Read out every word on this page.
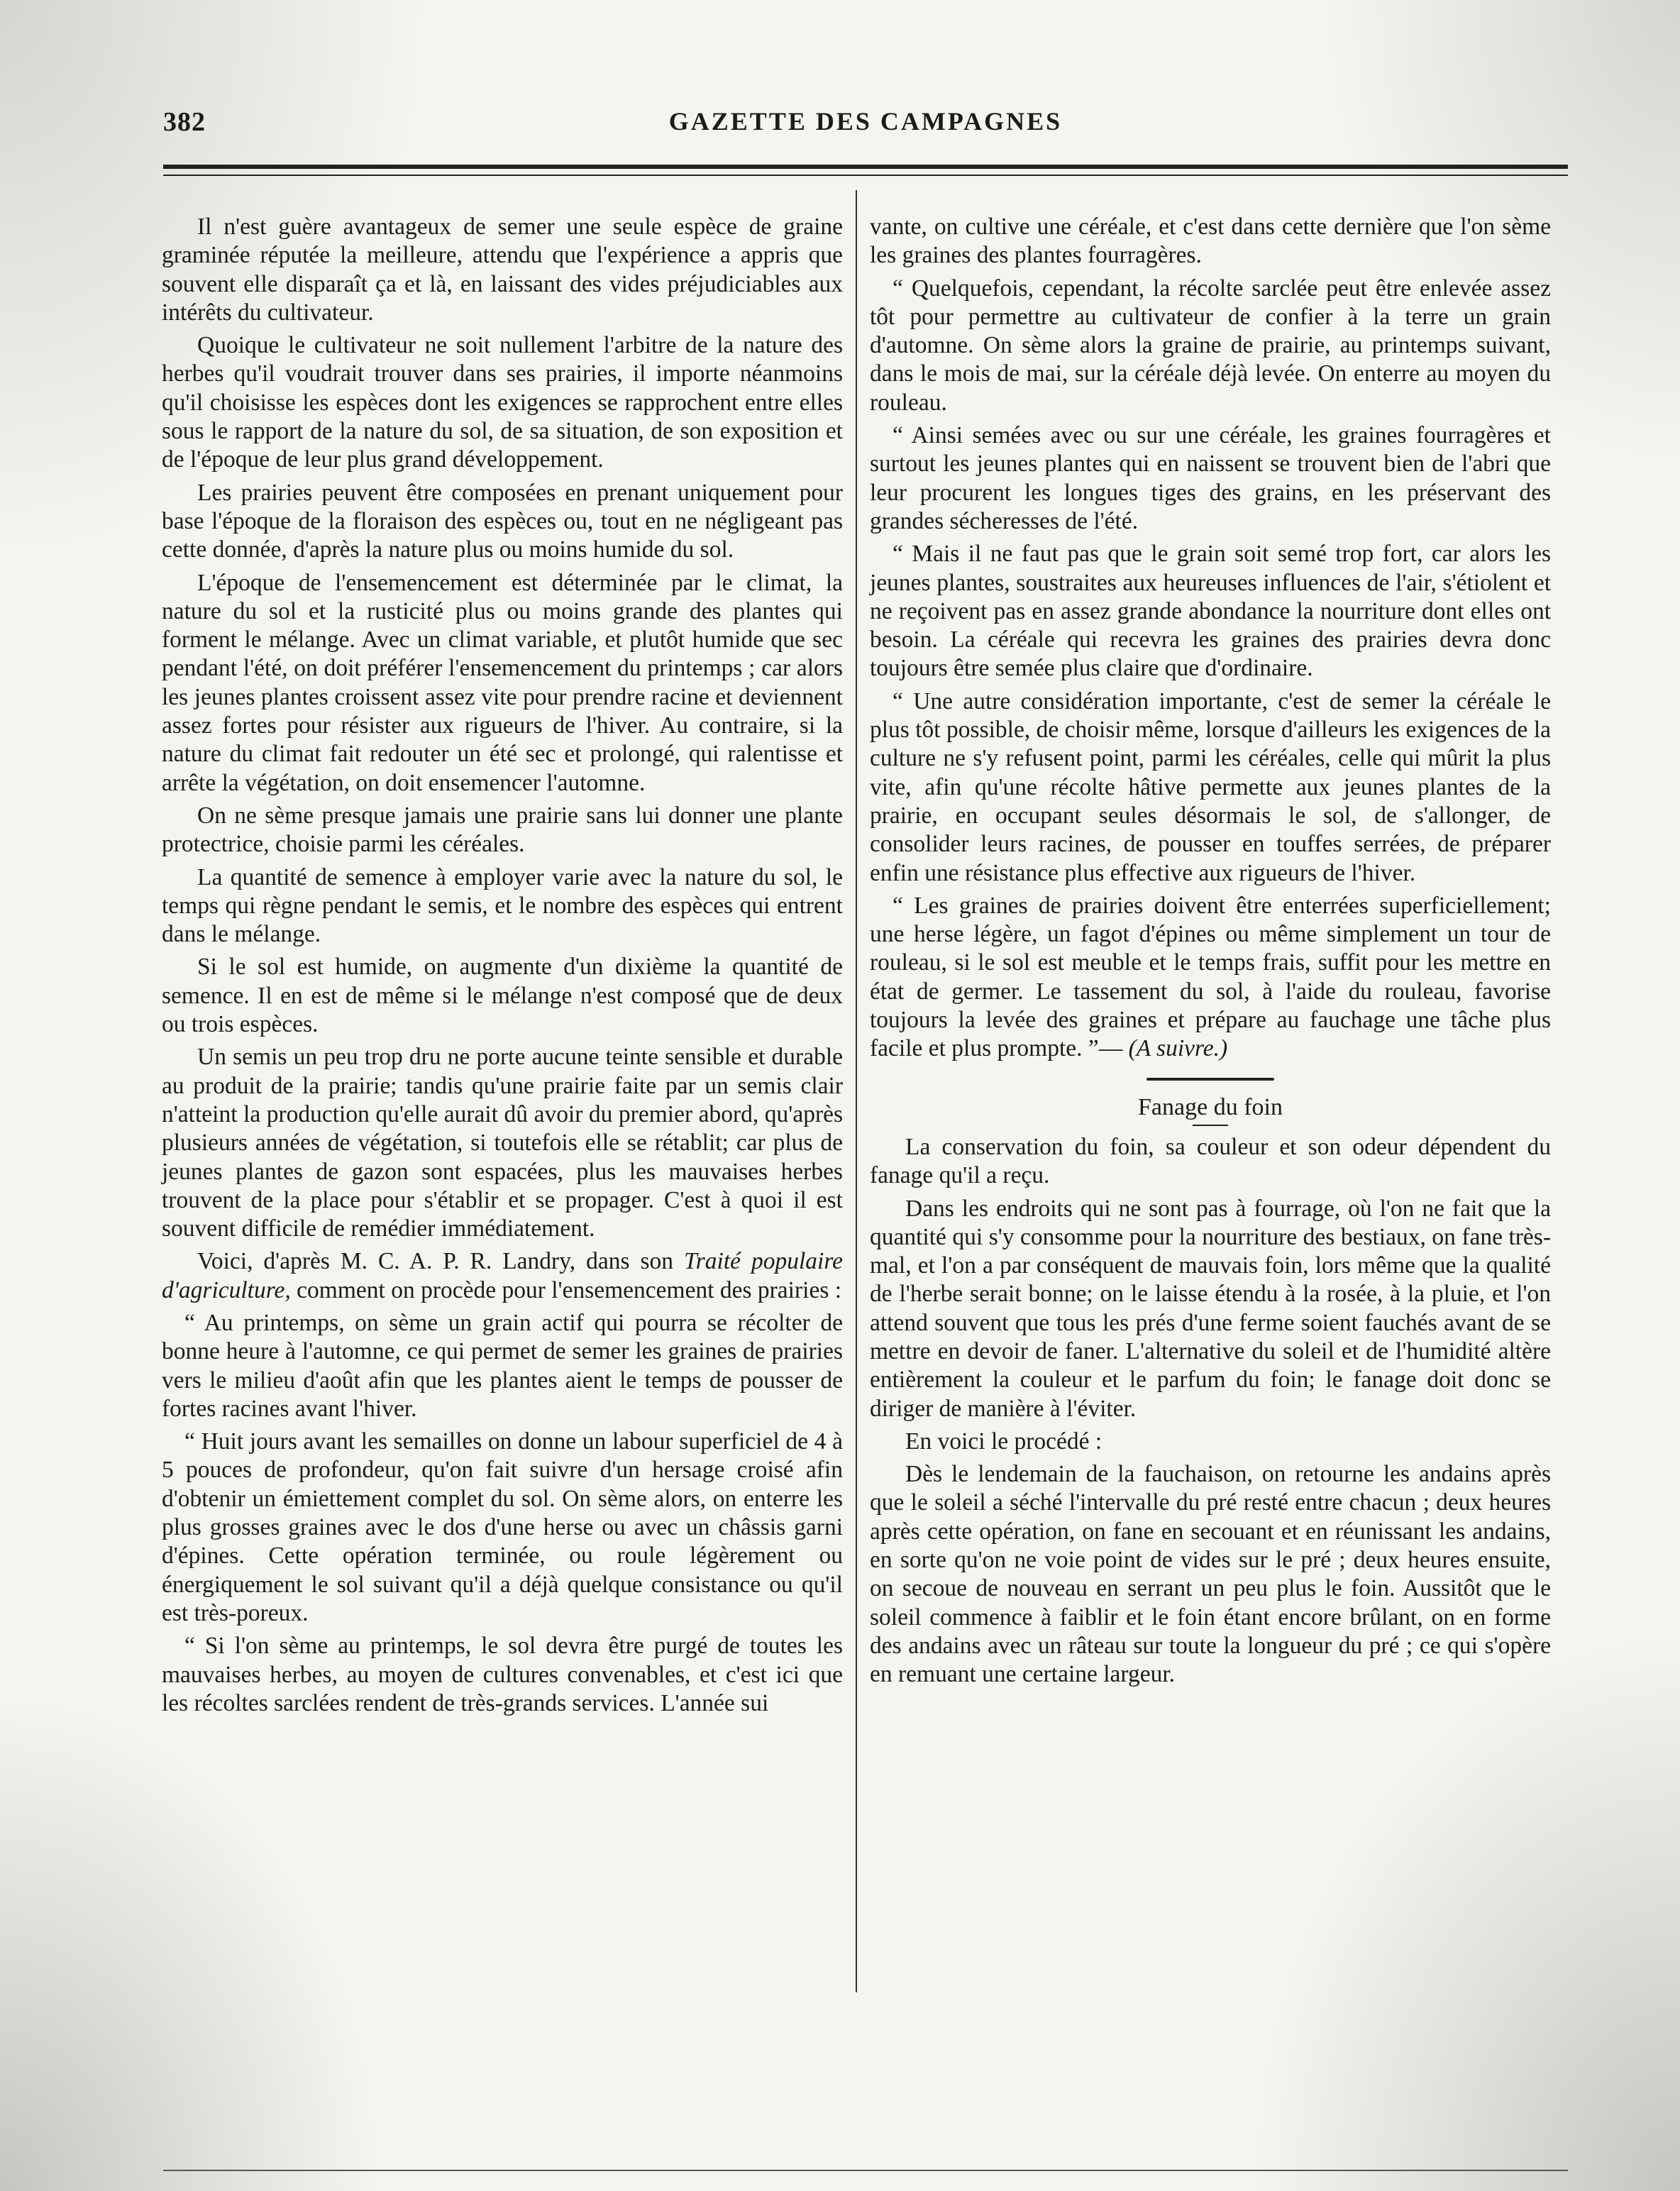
382	GAZETTE DES CAMPAGNES

Il n'est guère avantageux de semer une seule espèce de graine graminée réputée la meilleure, attendu que l'expérience a appris que souvent elle disparaît ça et là, en laissant des vides préjudiciables aux intérêts du cultivateur.

Quoique le cultivateur ne soit nullement l'arbitre de la nature des herbes qu'il voudrait trouver dans ses prairies, il importe néanmoins qu'il choisisse les espèces dont les exigences se rapprochent entre elles sous le rapport de la nature du sol, de sa situation, de son exposition et de l'époque de leur plus grand développement.

Les prairies peuvent être composées en prenant uniquement pour base l'époque de la floraison des espèces ou, tout en ne négligeant pas cette donnée, d'après la nature plus ou moins humide du sol.

L'époque de l'ensemencement est déterminée par le climat, la nature du sol et la rusticité plus ou moins grande des plantes qui forment le mélange. Avec un climat variable, et plutôt humide que sec pendant l'été, on doit préférer l'ensemencement du printemps ; car alors les jeunes plantes croissent assez vite pour prendre racine et deviennent assez fortes pour résister aux rigueurs de l'hiver. Au contraire, si la nature du climat fait redouter un été sec et prolongé, qui ralentisse et arrête la végétation, on doit ensemencer l'automne.

On ne sème presque jamais une prairie sans lui donner une plante protectrice, choisie parmi les céréales.

La quantité de semence à employer varie avec la nature du sol, le temps qui règne pendant le semis, et le nombre des espèces qui entrent dans le mélange.

Si le sol est humide, on augmente d'un dixième la quantité de semence. Il en est de même si le mélange n'est composé que de deux ou trois espèces.

Un semis un peu trop dru ne porte aucune teinte sensible et durable au produit de la prairie; tandis qu'une prairie faite par un semis clair n'atteint la production qu'elle aurait dû avoir du premier abord, qu'après plusieurs années de végétation, si toutefois elle se rétablit; car plus de jeunes plantes de gazon sont espacées, plus les mauvaises herbes trouvent de la place pour s'établir et se propager. C'est à quoi il est souvent difficile de remédier immédiatement.

Voici, d'après M. C. A. P. R. Landry, dans son Traité populaire d'agriculture, comment on procède pour l'ensemencement des prairies :

“ Au printemps, on sème un grain actif qui pourra se récolter de bonne heure à l'automne, ce qui permet de semer les graines de prairies vers le milieu d'août afin que les plantes aient le temps de pousser de fortes racines avant l'hiver.

“ Huit jours avant les semailles on donne un labour superficiel de 4 à 5 pouces de profondeur, qu'on fait suivre d'un hersage croisé afin d'obtenir un émiettement complet du sol. On sème alors, on enterre les plus grosses graines avec le dos d'une herse ou avec un châssis garni d'épines. Cette opération terminée, ou roule légèrement ou énergiquement le sol suivant qu'il a déjà quelque consistance ou qu'il est très-poreux.

“ Si l'on sème au printemps, le sol devra être purgé de toutes les mauvaises herbes, au moyen de cultures convenables, et c'est ici que les récoltes sarclées rendent de très-grands services. L'année sui

vante, on cultive une céréale, et c'est dans cette dernière que l'on sème les graines des plantes fourragères.

“ Quelquefois, cependant, la récolte sarclée peut être enlevée assez tôt pour permettre au cultivateur de confier à la terre un grain d'automne. On sème alors la graine de prairie, au printemps suivant, dans le mois de mai, sur la céréale déjà levée. On enterre au moyen du rouleau.

“ Ainsi semées avec ou sur une céréale, les graines fourragères et surtout les jeunes plantes qui en naissent se trouvent bien de l'abri que leur procurent les longues tiges des grains, en les préservant des grandes sécheresses de l'été.

“ Mais il ne faut pas que le grain soit semé trop fort, car alors les jeunes plantes, soustraites aux heureuses influences de l'air, s'étiolent et ne reçoivent pas en assez grande abondance la nourriture dont elles ont besoin. La céréale qui recevra les graines des prairies devra donc toujours être semée plus claire que d'ordinaire.

“ Une autre considération importante, c'est de semer la céréale le plus tôt possible, de choisir même, lorsque d'ailleurs les exigences de la culture ne s'y refusent point, parmi les céréales, celle qui mûrit la plus vite, afin qu'une récolte hâtive permette aux jeunes plantes de la prairie, en occupant seules désormais le sol, de s'allonger, de consolider leurs racines, de pousser en touffes serrées, de préparer enfin une résistance plus effective aux rigueurs de l'hiver.

“ Les graines de prairies doivent être enterrées superficiellement; une herse légère, un fagot d'épines ou même simplement un tour de rouleau, si le sol est meuble et le temps frais, suffit pour les mettre en état de germer. Le tassement du sol, à l'aide du rouleau, favorise toujours la levée des graines et prépare au fauchage une tâche plus facile et plus prompte. ”— (A suivre.)

Fanage du foin

La conservation du foin, sa couleur et son odeur dépendent du fanage qu'il a reçu.

Dans les endroits qui ne sont pas à fourrage, où l'on ne fait que la quantité qui s'y consomme pour la nourriture des bestiaux, on fane très-mal, et l'on a par conséquent de mauvais foin, lors même que la qualité de l'herbe serait bonne; on le laisse étendu à la rosée, à la pluie, et l'on attend souvent que tous les prés d'une ferme soient fauchés avant de se mettre en devoir de faner. L'alternative du soleil et de l'humidité altère entièrement la couleur et le parfum du foin; le fanage doit donc se diriger de manière à l'éviter.

En voici le procédé :

Dès le lendemain de la fauchaison, on retourne les andains après que le soleil a séché l'intervalle du pré resté entre chacun ; deux heures après cette opération, on fane en secouant et en réunissant les andains, en sorte qu'on ne voie point de vides sur le pré ; deux heures ensuite, on secoue de nouveau en serrant un peu plus le foin. Aussitôt que le soleil commence à faiblir et le foin étant encore brûlant, on en forme des andains avec un râteau sur toute la longueur du pré ; ce qui s'opère en remuant une certaine largeur.
